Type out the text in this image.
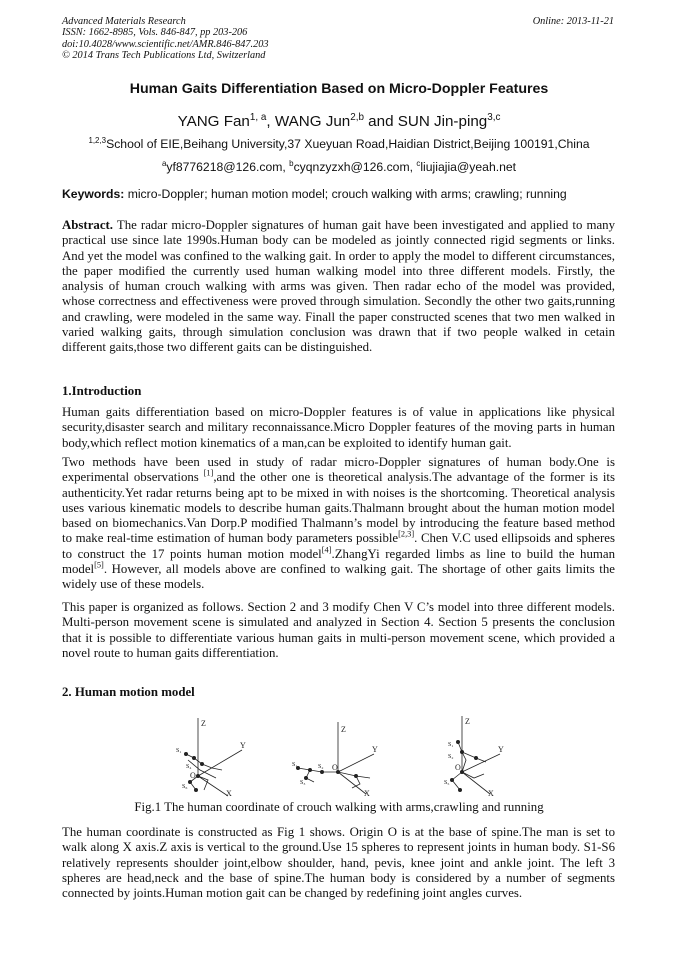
Advanced Materials Research
ISSN: 1662-8985, Vols. 846-847, pp 203-206
doi:10.4028/www.scientific.net/AMR.846-847.203
© 2014 Trans Tech Publications Ltd, Switzerland
Online: 2013-11-21
Human Gaits Differentiation Based on Micro-Doppler Features
YANG Fan$^{1, a}$, WANG Jun$^{2,b}$ and SUN Jin-ping$^{3,c}$
$^{1,2,3}$School of EIE,Beihang University,37 Xueyuan Road,Haidian District,Beijing 100191,China
$^a$yf8776218@126.com, $^b$cyqnzyzxh@126.com, $^c$liujiajia@yeah.net
Keywords: micro-Doppler; human motion model; crouch walking with arms; crawling; running

Abstract. The radar micro-Doppler signatures of human gait have been investigated and applied to many practical use since late 1990s.Human body can be modeled as jointly connected rigid segments or links. And yet the model was confined to the walking gait. In order to apply the model to different circumstances, the paper modified the currently used human walking model into three different models. Firstly, the analysis of human crouch walking with arms was given. Then radar echo of the model was provided, whose correctness and effectiveness were proved through simulation. Secondly the other two gaits,running and crawling, were modeled in the same way. Finall the paper constructed scenes that two men walked in varied walking gaits, through simulation conclusion was drawn that if two people walked in cetain different gaits,those two different gaits can be distinguished.

1.Introduction

Human gaits differentiation based on micro-Doppler features is of value in applications like physical security,disaster search and military reconnaissance.Micro Doppler features of the moving parts in human body,which reflect motion kinematics of a man,can be exploited to identify human gait.

Two methods have been used in study of radar micro-Doppler signatures of human body.One is experimental observations [1],and the other one is theoretical analysis.The advantage of the former is its authenticity.Yet radar returns being apt to be mixed in with noises is the shortcoming. Theoretical analysis uses various kinematic models to describe human gaits.Thalmann brought about the human motion model based on biomechanics.Van Dorp.P modified Thalmann’s model by introducing the feature based method to make real-time estimation of human body parameters possible[2,3]. Chen V.C used ellipsoids and spheres to construct the 17 points human motion model[4].ZhangYi regarded limbs as line to build the human model[5]. However, all models above are confined to walking gait. The shortage of other gaits limits the widely use of these models.

This paper is organized as follows. Section 2 and 3 modify Chen V C’s model into three different models. Multi-person movement scene is simulated and analyzed in Section 4. Section 5 presents the conclusion that it is possible to differentiate various human gaits in multi-person movement scene, which provided a novel route to human gaits differentiation.

2. Human motion model
Z
Y
X
O
S₁
S₄
S₆
Z
Y
X
O
S₁
S₃
S₂
Z
Y
X
O
S₁
S₂
S₅
Fig.1 The human coordinate of crouch walking with arms,crawling and running

The human coordinate is constructed as Fig 1 shows. Origin O is at the base of spine.The man is set to walk along X axis.Z axis is vertical to the ground.Use 15 spheres to represent joints in human body. S1-S6 relatively represents shoulder joint,elbow shoulder, hand, pevis, knee joint and ankle joint. The left 3 spheres are head,neck and the base of spine.The human body is considered by a number of segments connected by joints.Human motion gait can be changed by redefining joint angles curves.
